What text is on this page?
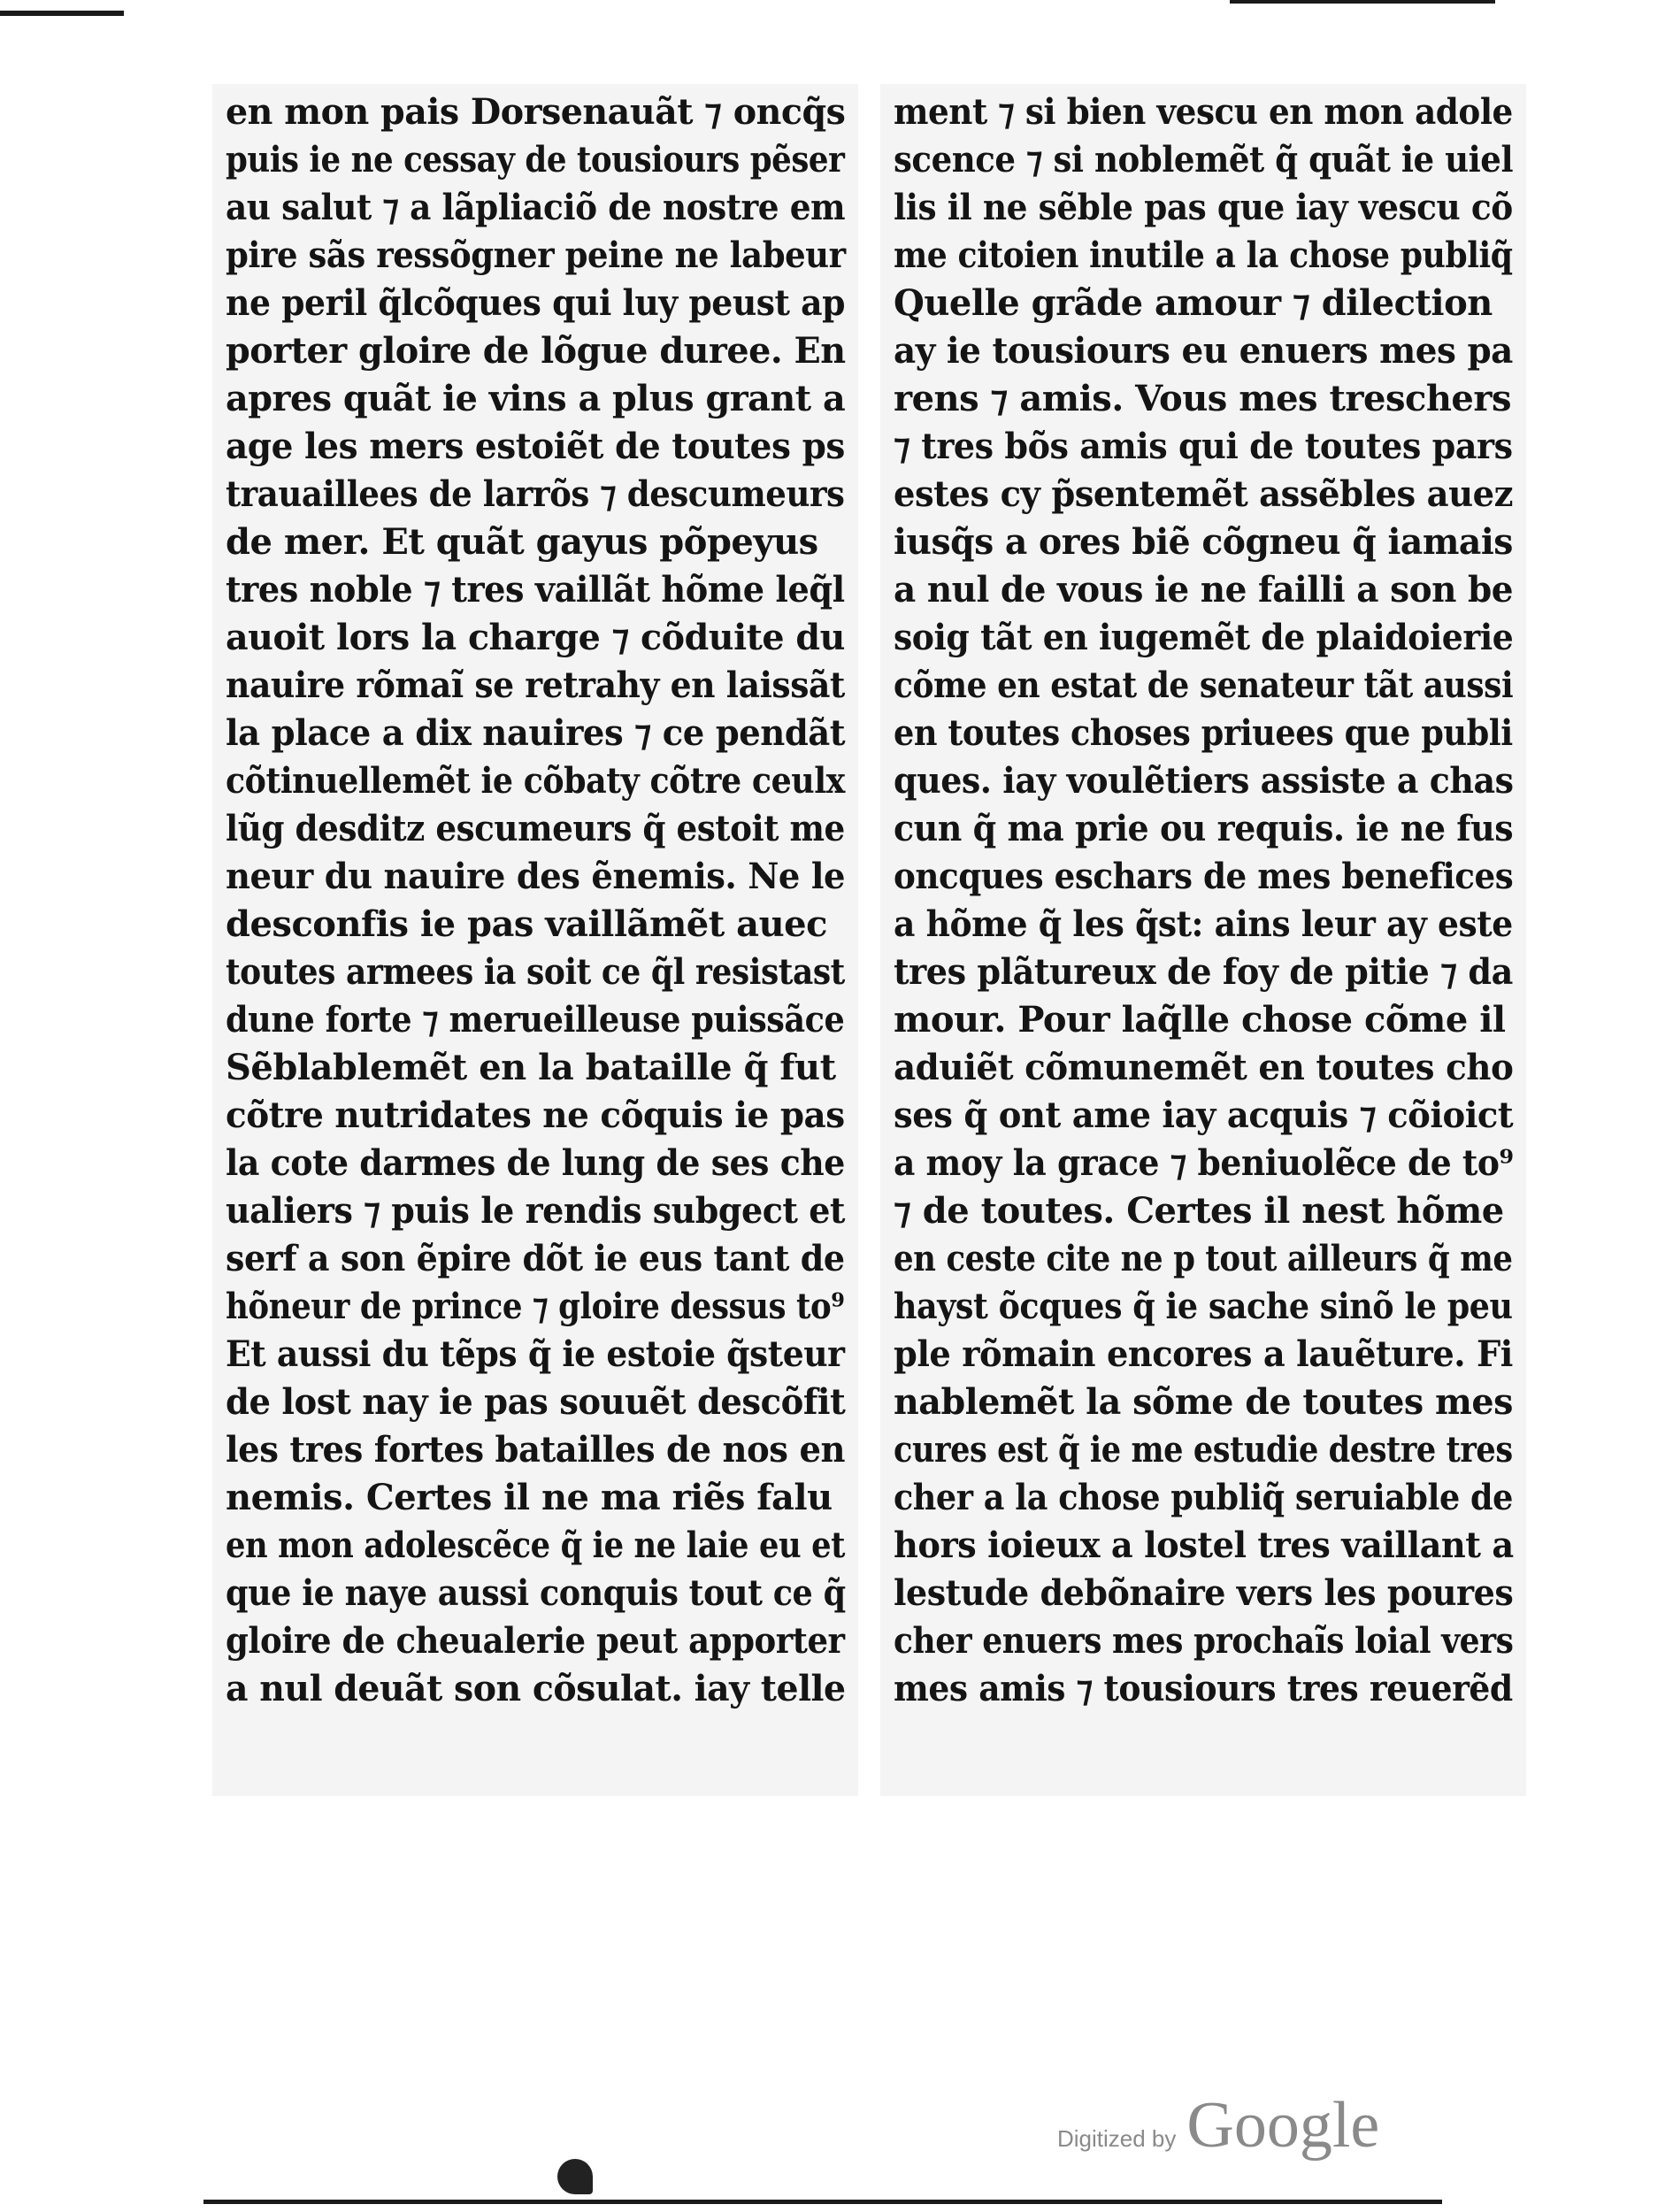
en mon pais Dorsenauãt ⁊ oncq̃s
puis ie ne cessay de tousiours pẽser
au salut ⁊ a lãpliaciõ de nostre em
pire sãs ressõgner peine ne labeur
ne peril q̃lcõques qui luy peust ap
porter gloire de lõgue duree. En
apres quãt ie vins a plus grant a
age les mers estoiẽt de toutes ps
trauaillees de larrõs ⁊ descumeurs
de mer. Et quãt gayus põpeyus
tres noble ⁊ tres vaillãt hõme leq̃l
auoit lors la charge ⁊ cõduite du
nauire rõmaĩ se retrahy en laissãt
la place a dix nauires ⁊ ce pendãt
cõtinuellemẽt ie cõbaty cõtre ceulx
lũg desditz escumeurs q̃ estoit me
neur du nauire des ẽnemis. Ne le
desconfis ie pas vaillãmẽt auec
toutes armees ia soit ce q̃l resistast
dune forte ⁊ merueilleuse puissãce
Sẽblablemẽt en la bataille q̃ fut
cõtre nutridates ne cõquis ie pas
la cote darmes de lung de ses che
ualiers ⁊ puis le rendis subgect et
serf a son ẽpire dõt ie eus tant de
hõneur de prince ⁊ gloire dessus to⁹
Et aussi du tẽps q̃ ie estoie q̃steur
de lost nay ie pas souuẽt descõfit
les tres fortes batailles de nos en
nemis. Certes il ne ma riẽs falu
en mon adolescẽce q̃ ie ne laie eu et
que ie naye aussi conquis tout ce q̃
gloire de cheualerie peut apporter
a nul deuãt son cõsulat. iay telle
ment ⁊ si bien vescu en mon adole
scence ⁊ si noblemẽt q̃ quãt ie uiel
lis il ne sẽble pas que iay vescu cõ
me citoien inutile a la chose publiq̃
Quelle grãde amour ⁊ dilection
ay ie tousiours eu enuers mes pa
rens ⁊ amis. Vous mes treschers
⁊ tres bõs amis qui de toutes pars
estes cy p̃sentemẽt assẽbles auez
iusq̃s a ores biẽ cõgneu q̃ iamais
a nul de vous ie ne failli a son be
soig tãt en iugemẽt de plaidoierie
cõme en estat de senateur tãt aussi
en toutes choses priuees que publi
ques. iay voulẽtiers assiste a chas
cun q̃ ma prie ou requis. ie ne fus
oncques eschars de mes benefices
a hõme q̃ les q̃st: ains leur ay este
tres plãtureux de foy de pitie ⁊ da
mour. Pour laq̃lle chose cõme il
aduiẽt cõmunemẽt en toutes cho
ses q̃ ont ame iay acquis ⁊ cõioict
a moy la grace ⁊ beniuolẽce de to⁹
⁊ de toutes. Certes il nest hõme
en ceste cite ne p tout ailleurs q̃ me
hayst õcques q̃ ie sache sinõ le peu
ple rõmain encores a lauẽture. Fi
nablemẽt la sõme de toutes mes
cures est q̃ ie me estudie destre tres
cher a la chose publiq̃ seruiable de
hors ioieux a lostel tres vaillant a
lestude debõnaire vers les poures
cher enuers mes prochaĩs loial vers
mes amis ⁊ tousiours tres reuerẽd
Digitized by Google
